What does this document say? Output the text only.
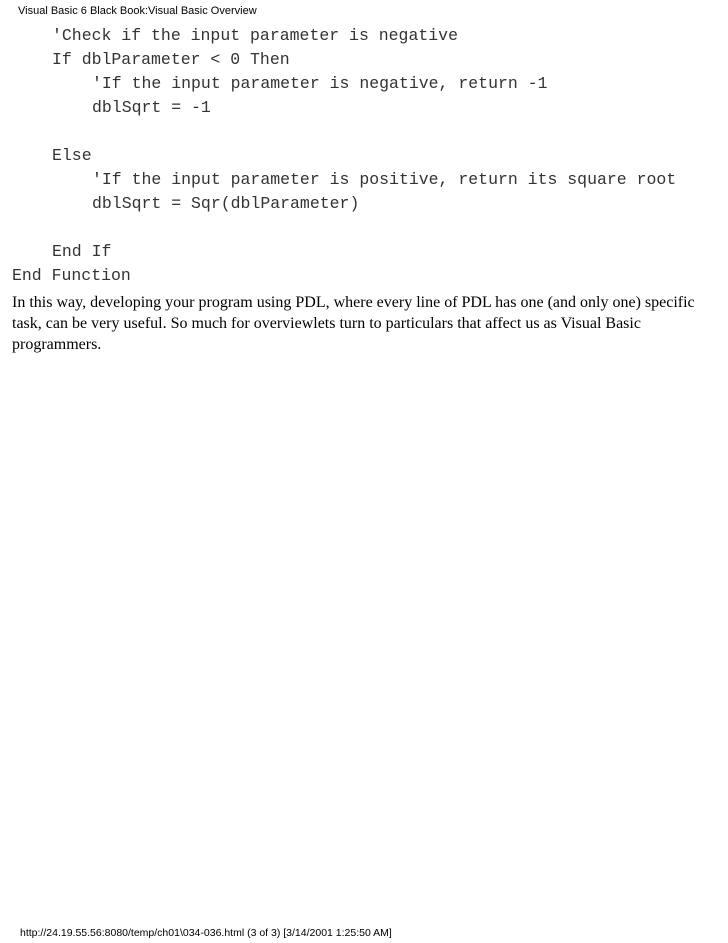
Visual Basic 6 Black Book:Visual Basic Overview
'Check if the input parameter is negative
If dblParameter < 0 Then
'If the input parameter is negative, return -1
dblSqrt = -1
Else
'If the input parameter is positive, return its square root
dblSqrt = Sqr(dblParameter)
End If
End Function

In this way, developing your program using PDL, where every line of PDL has one (and only one) specific task, can be very useful. So much for overviewlets turn to particulars that affect us as Visual Basic programmers.

http://24.19.55.56:8080/temp/ch01\034-036.html (3 of 3) [3/14/2001 1:25:50 AM]
